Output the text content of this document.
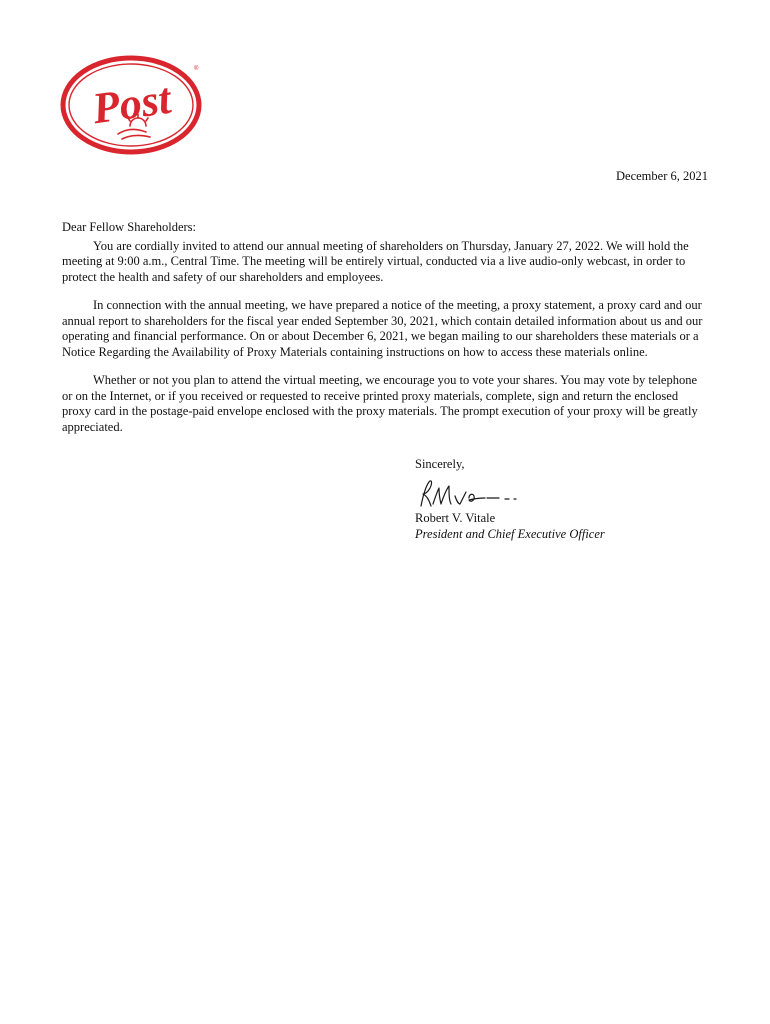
Post
®
December 6, 2021

Dear Fellow Shareholders:

You are cordially invited to attend our annual meeting of shareholders on Thursday, January 27, 2022. We will hold the meeting at 9:00 a.m., Central Time. The meeting will be entirely virtual, conducted via a live audio-only webcast, in order to protect the health and safety of our shareholders and employees.

In connection with the annual meeting, we have prepared a notice of the meeting, a proxy statement, a proxy card and our annual report to shareholders for the fiscal year ended September 30, 2021, which contain detailed information about us and our operating and financial performance. On or about December 6, 2021, we began mailing to our shareholders these materials or a Notice Regarding the Availability of Proxy Materials containing instructions on how to access these materials online.

Whether or not you plan to attend the virtual meeting, we encourage you to vote your shares. You may vote by telephone or on the Internet, or if you received or requested to receive printed proxy materials, complete, sign and return the enclosed proxy card in the postage-paid envelope enclosed with the proxy materials. The prompt execution of your proxy will be greatly appreciated.

Sincerely,
Robert V. Vitale
President and Chief Executive Officer
